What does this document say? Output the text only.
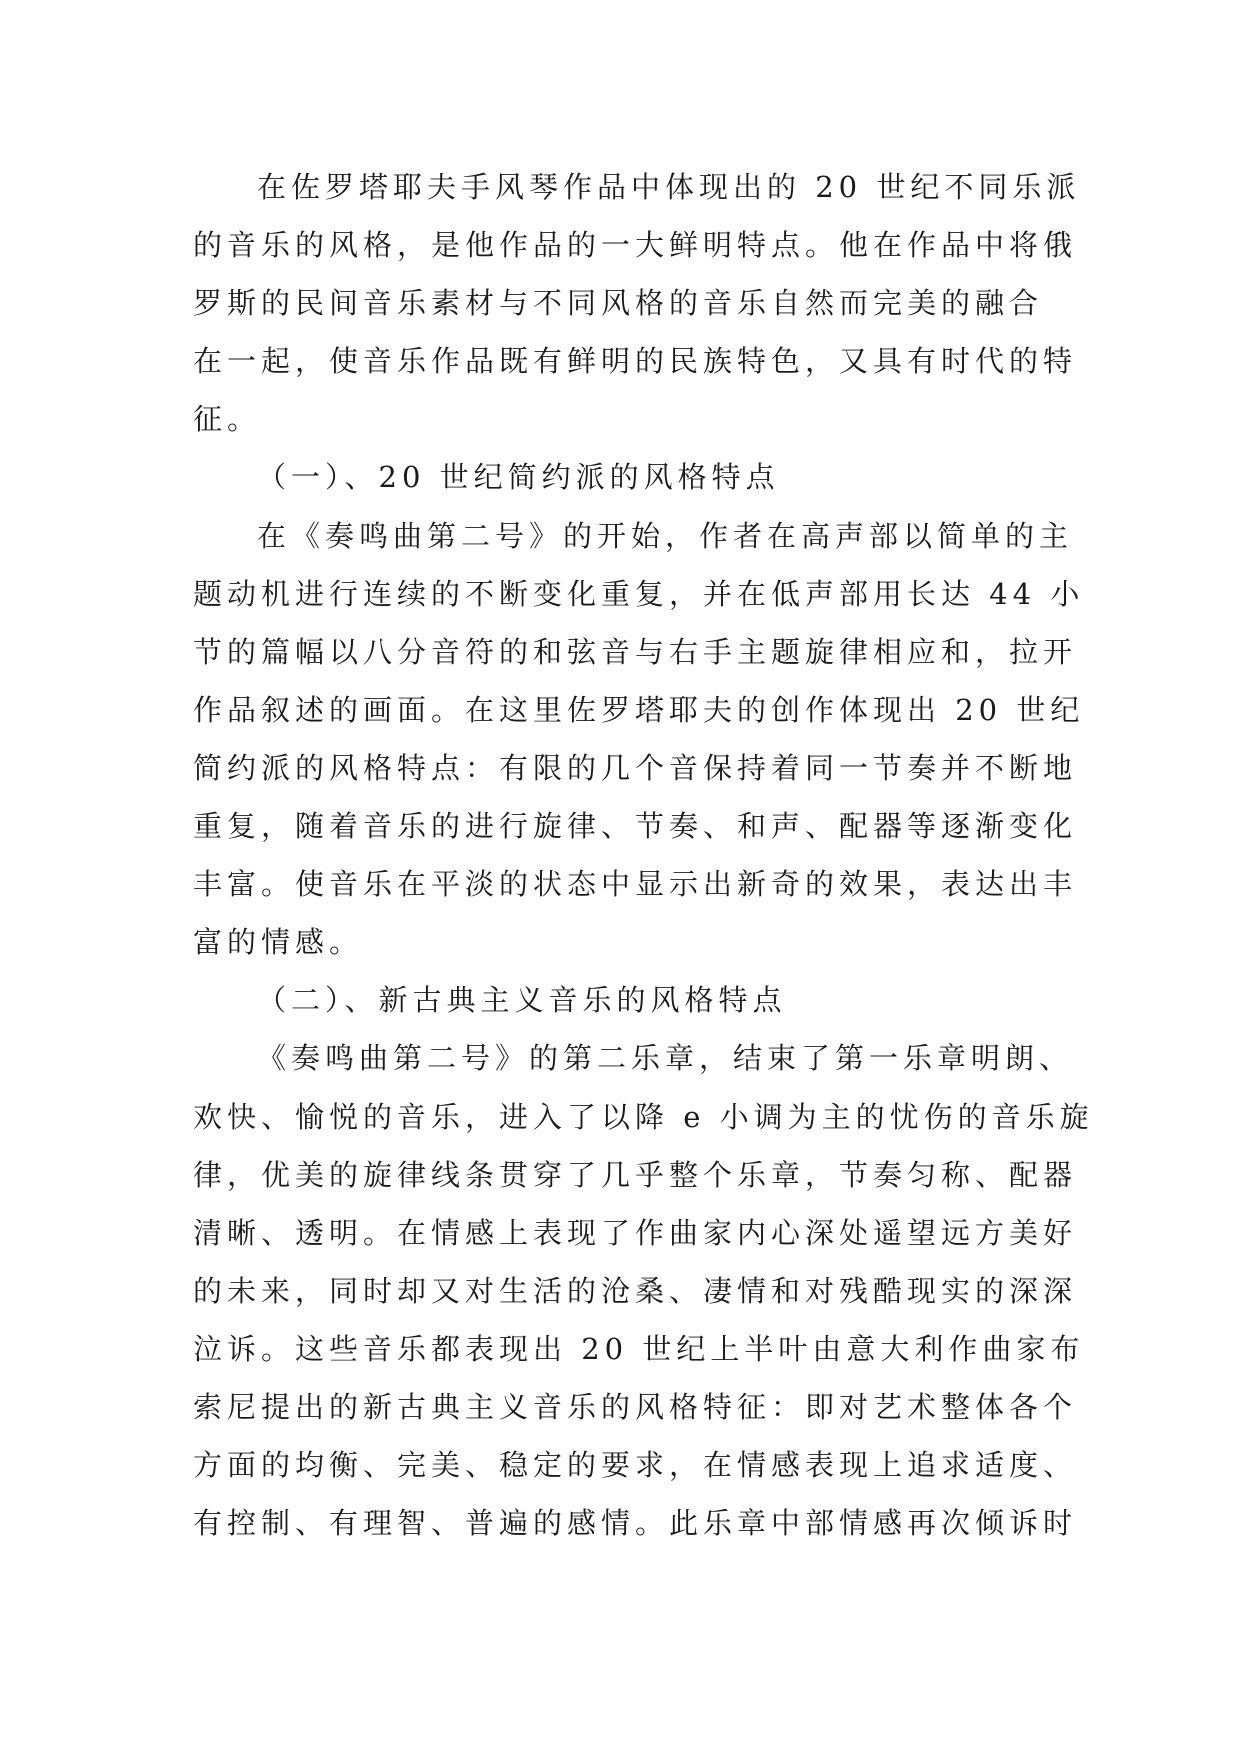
在佐罗塔耶夫手风琴作品中体现出的 20 世纪不同乐派
的音乐的风格，是他作品的一大鲜明特点。他在作品中将俄
罗斯的民间音乐素材与不同风格的音乐自然而完美的融合
在一起，使音乐作品既有鲜明的民族特色，又具有时代的特
征。
（一）、20 世纪简约派的风格特点
在《奏鸣曲第二号》的开始，作者在高声部以简单的主
题动机进行连续的不断变化重复，并在低声部用长达 44 小
节的篇幅以八分音符的和弦音与右手主题旋律相应和，拉开
作品叙述的画面。在这里佐罗塔耶夫的创作体现出 20 世纪
简约派的风格特点：有限的几个音保持着同一节奏并不断地
重复，随着音乐的进行旋律、节奏、和声、配器等逐渐变化
丰富。使音乐在平淡的状态中显示出新奇的效果，表达出丰
富的情感。
（二）、新古典主义音乐的风格特点
《奏鸣曲第二号》的第二乐章，结束了第一乐章明朗、
欢快、愉悦的音乐，进入了以降 e 小调为主的忧伤的音乐旋
律，优美的旋律线条贯穿了几乎整个乐章，节奏匀称、配器
清晰、透明。在情感上表现了作曲家内心深处遥望远方美好
的未来，同时却又对生活的沧桑、凄情和对残酷现实的深深
泣诉。这些音乐都表现出 20 世纪上半叶由意大利作曲家布
索尼提出的新古典主义音乐的风格特征：即对艺术整体各个
方面的均衡、完美、稳定的要求，在情感表现上追求适度、
有控制、有理智、普遍的感情。此乐章中部情感再次倾诉时
